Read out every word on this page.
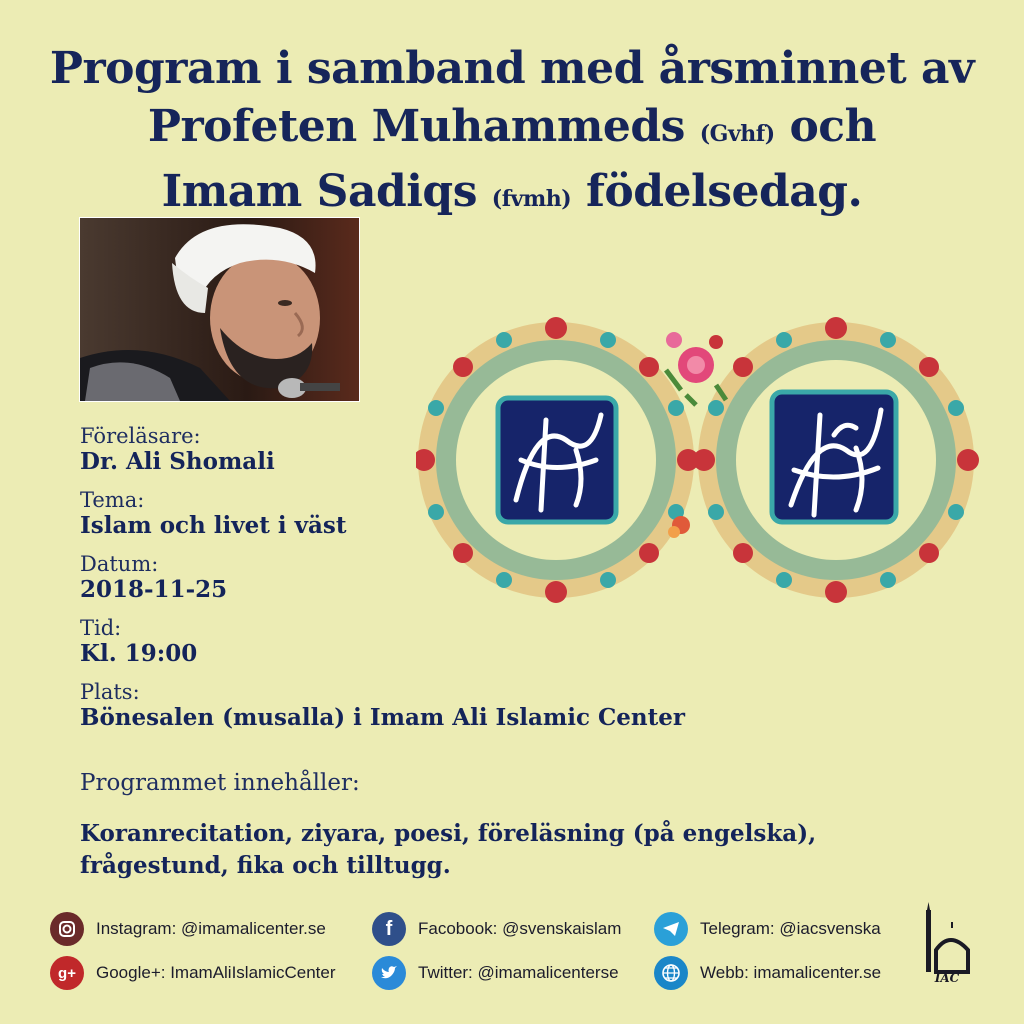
Program i samband med årsminnet av
Profeten Muhammeds (Gvhf) och
Imam Sadiqs (fvmh) födelsedag.
Föreläsare:
Dr. Ali Shomali
Tema:
Islam och livet i väst
Datum:
2018-11-25
Tid:
Kl. 19:00
Plats:
Bönesalen (musalla) i Imam Ali Islamic Center
Programmet innehåller:
Koranrecitation, ziyara, poesi, föreläsning (på engelska),
frågestund, fika och tilltugg.
Instagram: @imamalicenter.se	f	Facobook: @svenskaislam	Telegram: @iacsvenska
g+	Google+: ImamAliIslamicCenter	Twitter: @imamalicenterse	Webb: imamalicenter.se	IAC
